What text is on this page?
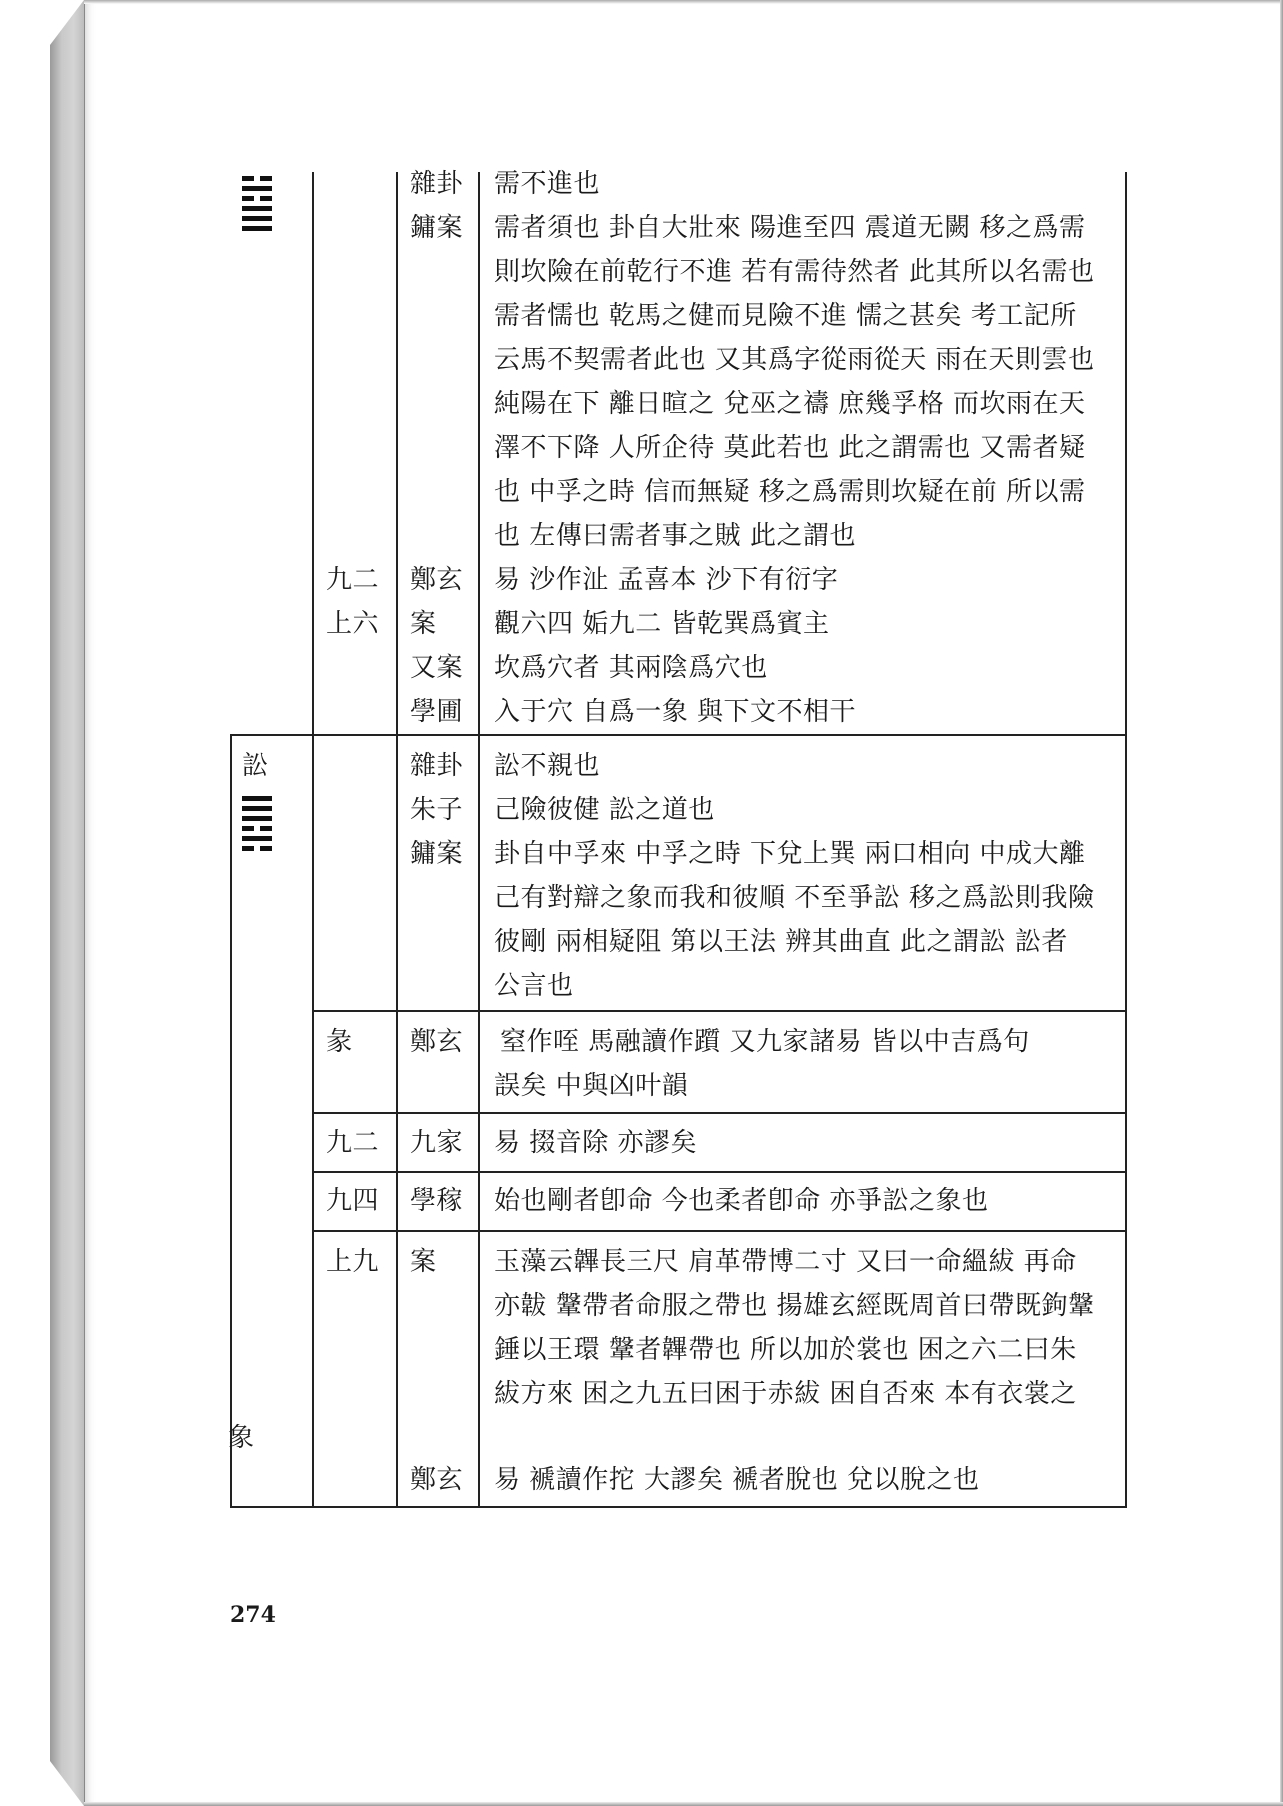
雜卦 需不進也
鏞案 需者須也 卦自大壯來 陽進至四 震道无闕 移之爲需
則坎險在前乾行不進 若有需待然者 此其所以名需也
需者懦也 乾馬之健而見險不進 懦之甚矣 考工記所
云馬不契需者此也 又其爲字從雨從天 雨在天則雲也
純陽在下 離日暄之 兌巫之禱 庶幾孚格 而坎雨在天
澤不下降 人所企待 莫此若也 此之謂需也 又需者疑
也 中孚之時 信而無疑 移之爲需則坎疑在前 所以需
也 左傳曰需者事之賊 此之謂也
九二 鄭玄 易 沙作沚 孟喜本 沙下有衍字
上六 案 觀六四 姤九二 皆乾巽爲賓主
又案 坎爲穴者 其兩陰爲穴也
學圃 入于穴 自爲一象 與下文不相干
訟	雜卦 訟不親也
朱子 己險彼健 訟之道也
鏞案 卦自中孚來 中孚之時 下兌上巽 兩口相向 中成大離
己有對辯之象而我和彼順 不至爭訟 移之爲訟則我險
彼剛 兩相疑阻 第以王法 辨其曲直 此之謂訟 訟者
公言也
彖 鄭玄 窒作咥 馬融讀作躓 又九家諸易 皆以中吉爲句
誤矣 中與凶叶韻
九二 九家 易 掇音除 亦謬矣
九四 學稼 始也剛者卽命 今也柔者卽命 亦爭訟之象也
上九 案 玉藻云韠長三尺 肩革帶博二寸 又曰一命縕紱 再命
亦韍 鞶帶者命服之帶也 揚雄玄經既周首曰帶既鉤鞶
錘以王環 鞶者韠帶也 所以加於裳也 困之六二曰朱
紱方來 困之九五曰困于赤紱 困自否來 本有衣裳之
象
鄭玄 易 褫讀作拕 大謬矣 褫者脫也 兌以脫之也
274
